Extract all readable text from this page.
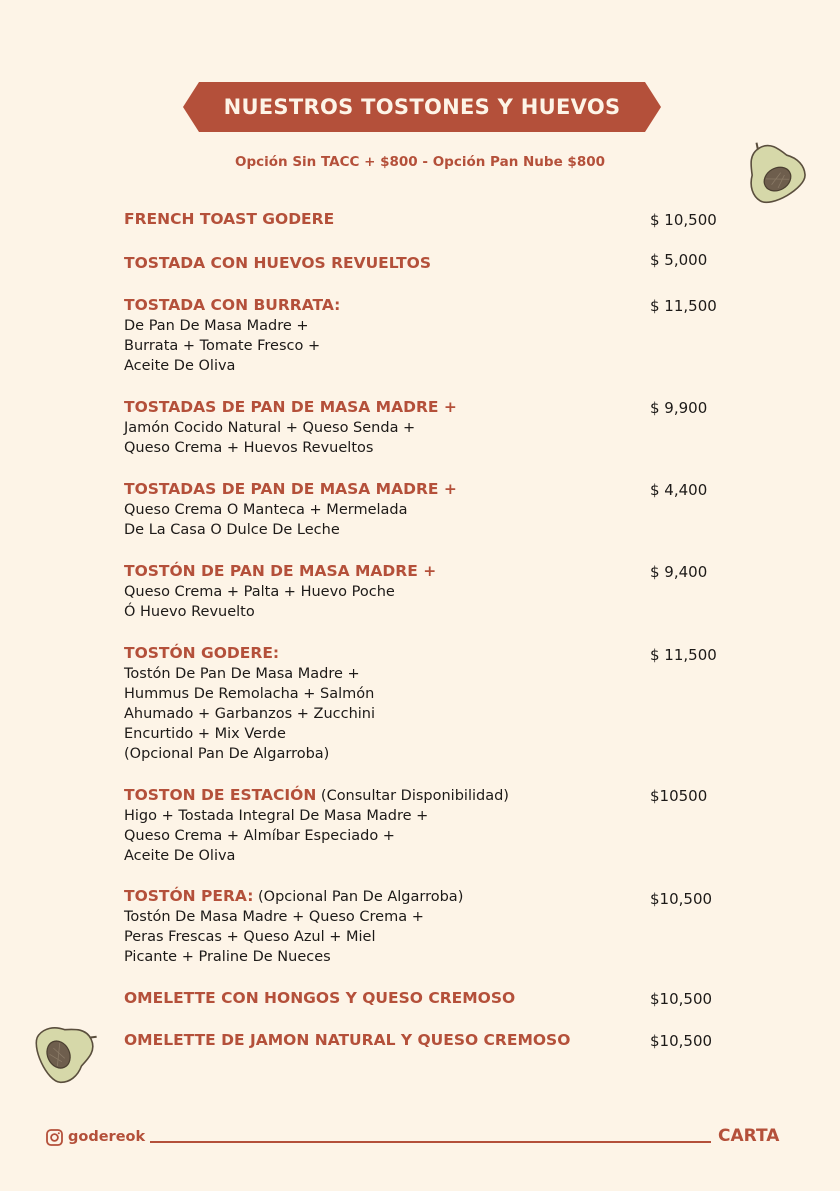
NUESTROS TOSTONES Y HUEVOS
Opción Sin TACC + $800 - Opción Pan Nube $800
FRENCH TOAST GODERE	$ 10,500
TOSTADA CON HUEVOS REVUELTOS	$ 5,000
TOSTADA CON BURRATA:
De Pan De Masa Madre +
Burrata + Tomate Fresco +
Aceite De Oliva
$ 11,500
TOSTADAS DE PAN DE MASA MADRE +
Jamón Cocido Natural + Queso Senda +
Queso Crema + Huevos Revueltos
$ 9,900
TOSTADAS DE PAN DE MASA MADRE +
Queso Crema O Manteca + Mermelada
De La Casa O Dulce De Leche
$ 4,400
TOSTÓN DE PAN DE MASA MADRE +
Queso Crema + Palta + Huevo Poche
Ó Huevo Revuelto
$ 9,400
TOSTÓN GODERE:
Tostón De Pan De Masa Madre +
Hummus De Remolacha + Salmón
Ahumado + Garbanzos + Zucchini
Encurtido + Mix Verde
(Opcional Pan De Algarroba)
$ 11,500
TOSTON DE ESTACIÓN (Consultar Disponibilidad)
Higo + Tostada Integral De Masa Madre +
Queso Crema + Almíbar Especiado +
Aceite De Oliva
$10500
TOSTÓN PERA: (Opcional Pan De Algarroba)
Tostón De Masa Madre + Queso Crema +
Peras Frescas + Queso Azul + Miel
Picante + Praline De Nueces
$10,500
OMELETTE CON HONGOS Y QUESO CREMOSO	$10,500
OMELETTE DE JAMON NATURAL Y QUESO CREMOSO	$10,500
godereok	CARTA
